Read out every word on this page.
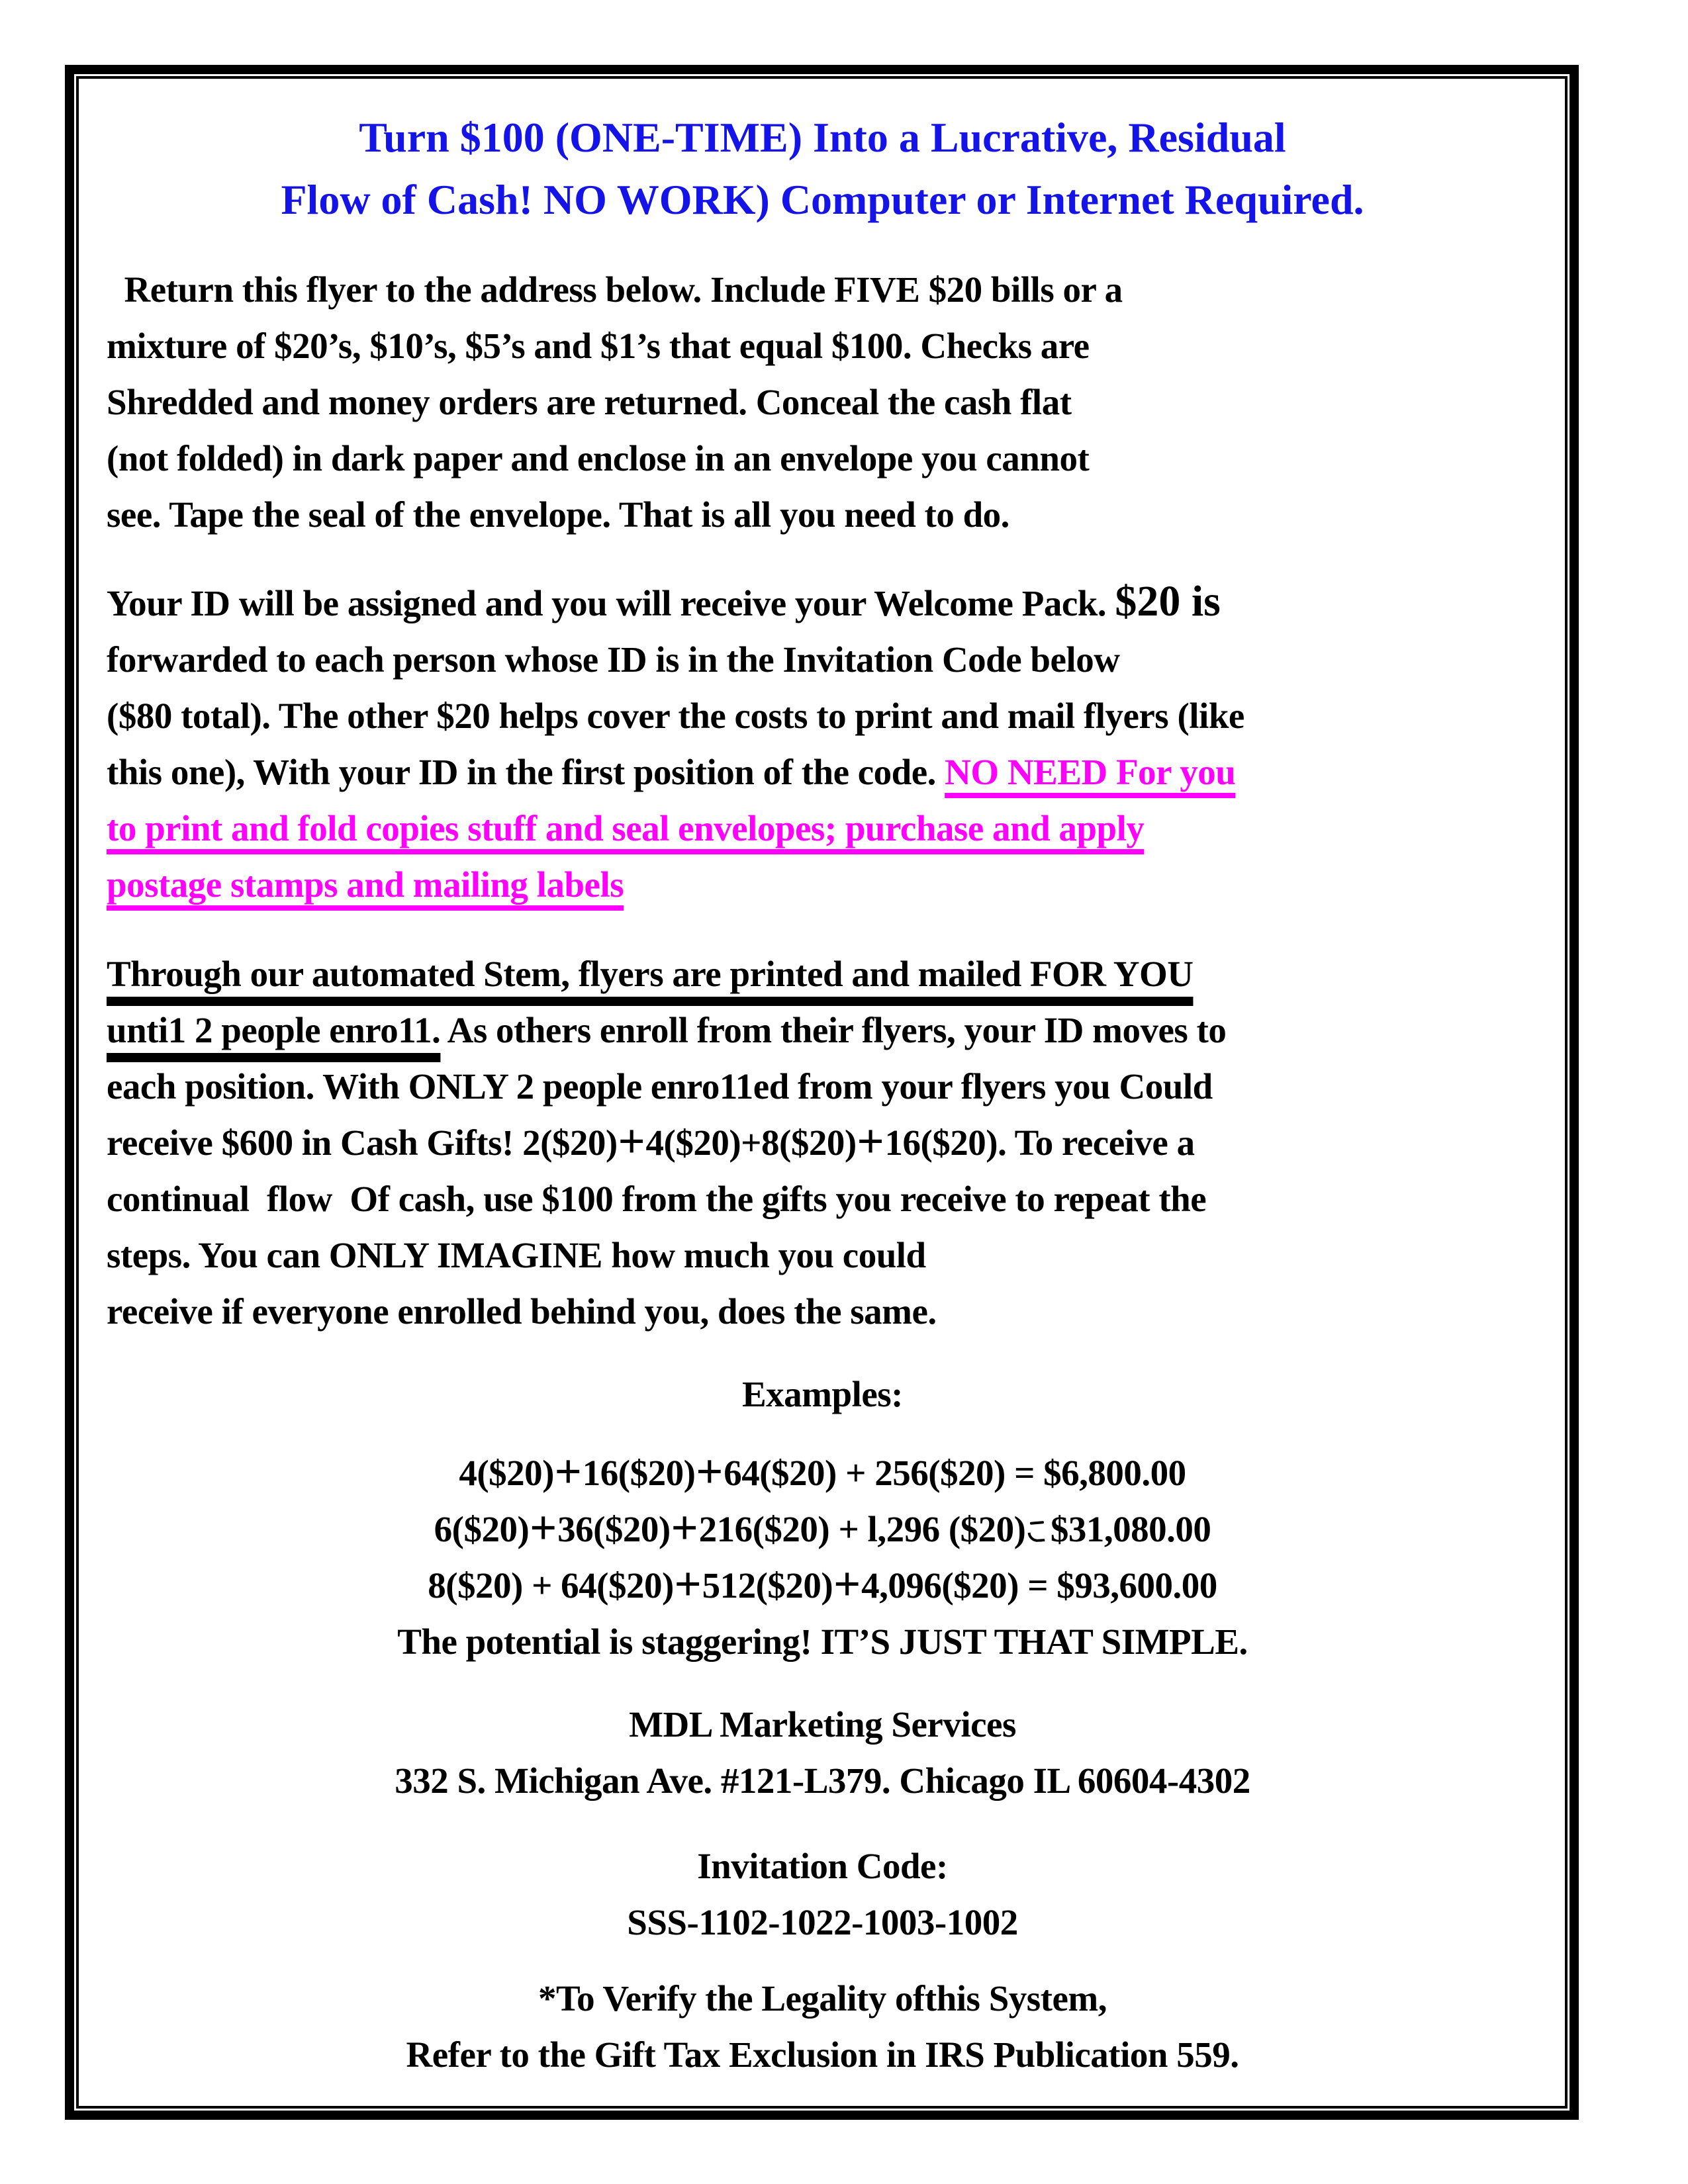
Turn $100 (ONE-TIME) Into a Lucrative, Residual
Flow of Cash! NO WORK) Computer or Internet Required.
Return this flyer to the address below. Include FIVE $20 bills or a
mixture of $20’s, $10’s, $5’s and $1’s that equal $100. Checks are
Shredded and money orders are returned. Conceal the cash flat
(not folded) in dark paper and enclose in an envelope you cannot
see. Tape the seal of the envelope. That is all you need to do.
Your ID will be assigned and you will receive your Welcome Pack. $20 is
forwarded to each person whose ID is in the Invitation Code below
($80 total). The other $20 helps cover the costs to print and mail flyers (like
this one), With your ID in the first position of the code. NO NEED For you
to print and fold copies stuff and seal envelopes; purchase and apply
postage stamps and mailing labels
Through our automated Stem, flyers are printed and mailed FOR YOU
unti1 2 people enro11. As others enroll from their flyers, your ID moves to
each position. With ONLY 2 people enro11ed from your flyers you Could
receive $600 in Cash Gifts! 2($20)+4($20)+8($20)+16($20). To receive a
continual  flow  Of cash, use $100 from the gifts you receive to repeat the
steps. You can ONLY IMAGINE how much you could
receive if everyone enrolled behind you, does the same.
Examples:
4($20)+16($20)+64($20) + 256($20) = $6,800.00
6($20)+36($20)+216($20) + l,296 ($20) $31,080.00
8($20) + 64($20)+512($20)+4,096($20) = $93,600.00
The potential is staggering! IT’S JUST THAT SIMPLE.
MDL Marketing Services
332 S. Michigan Ave. #121-L379. Chicago IL 60604-4302
Invitation Code:
SSS-1102-1022-1003-1002
*To Verify the Legality ofthis System,
Refer to the Gift Tax Exclusion in IRS Publication 559.
